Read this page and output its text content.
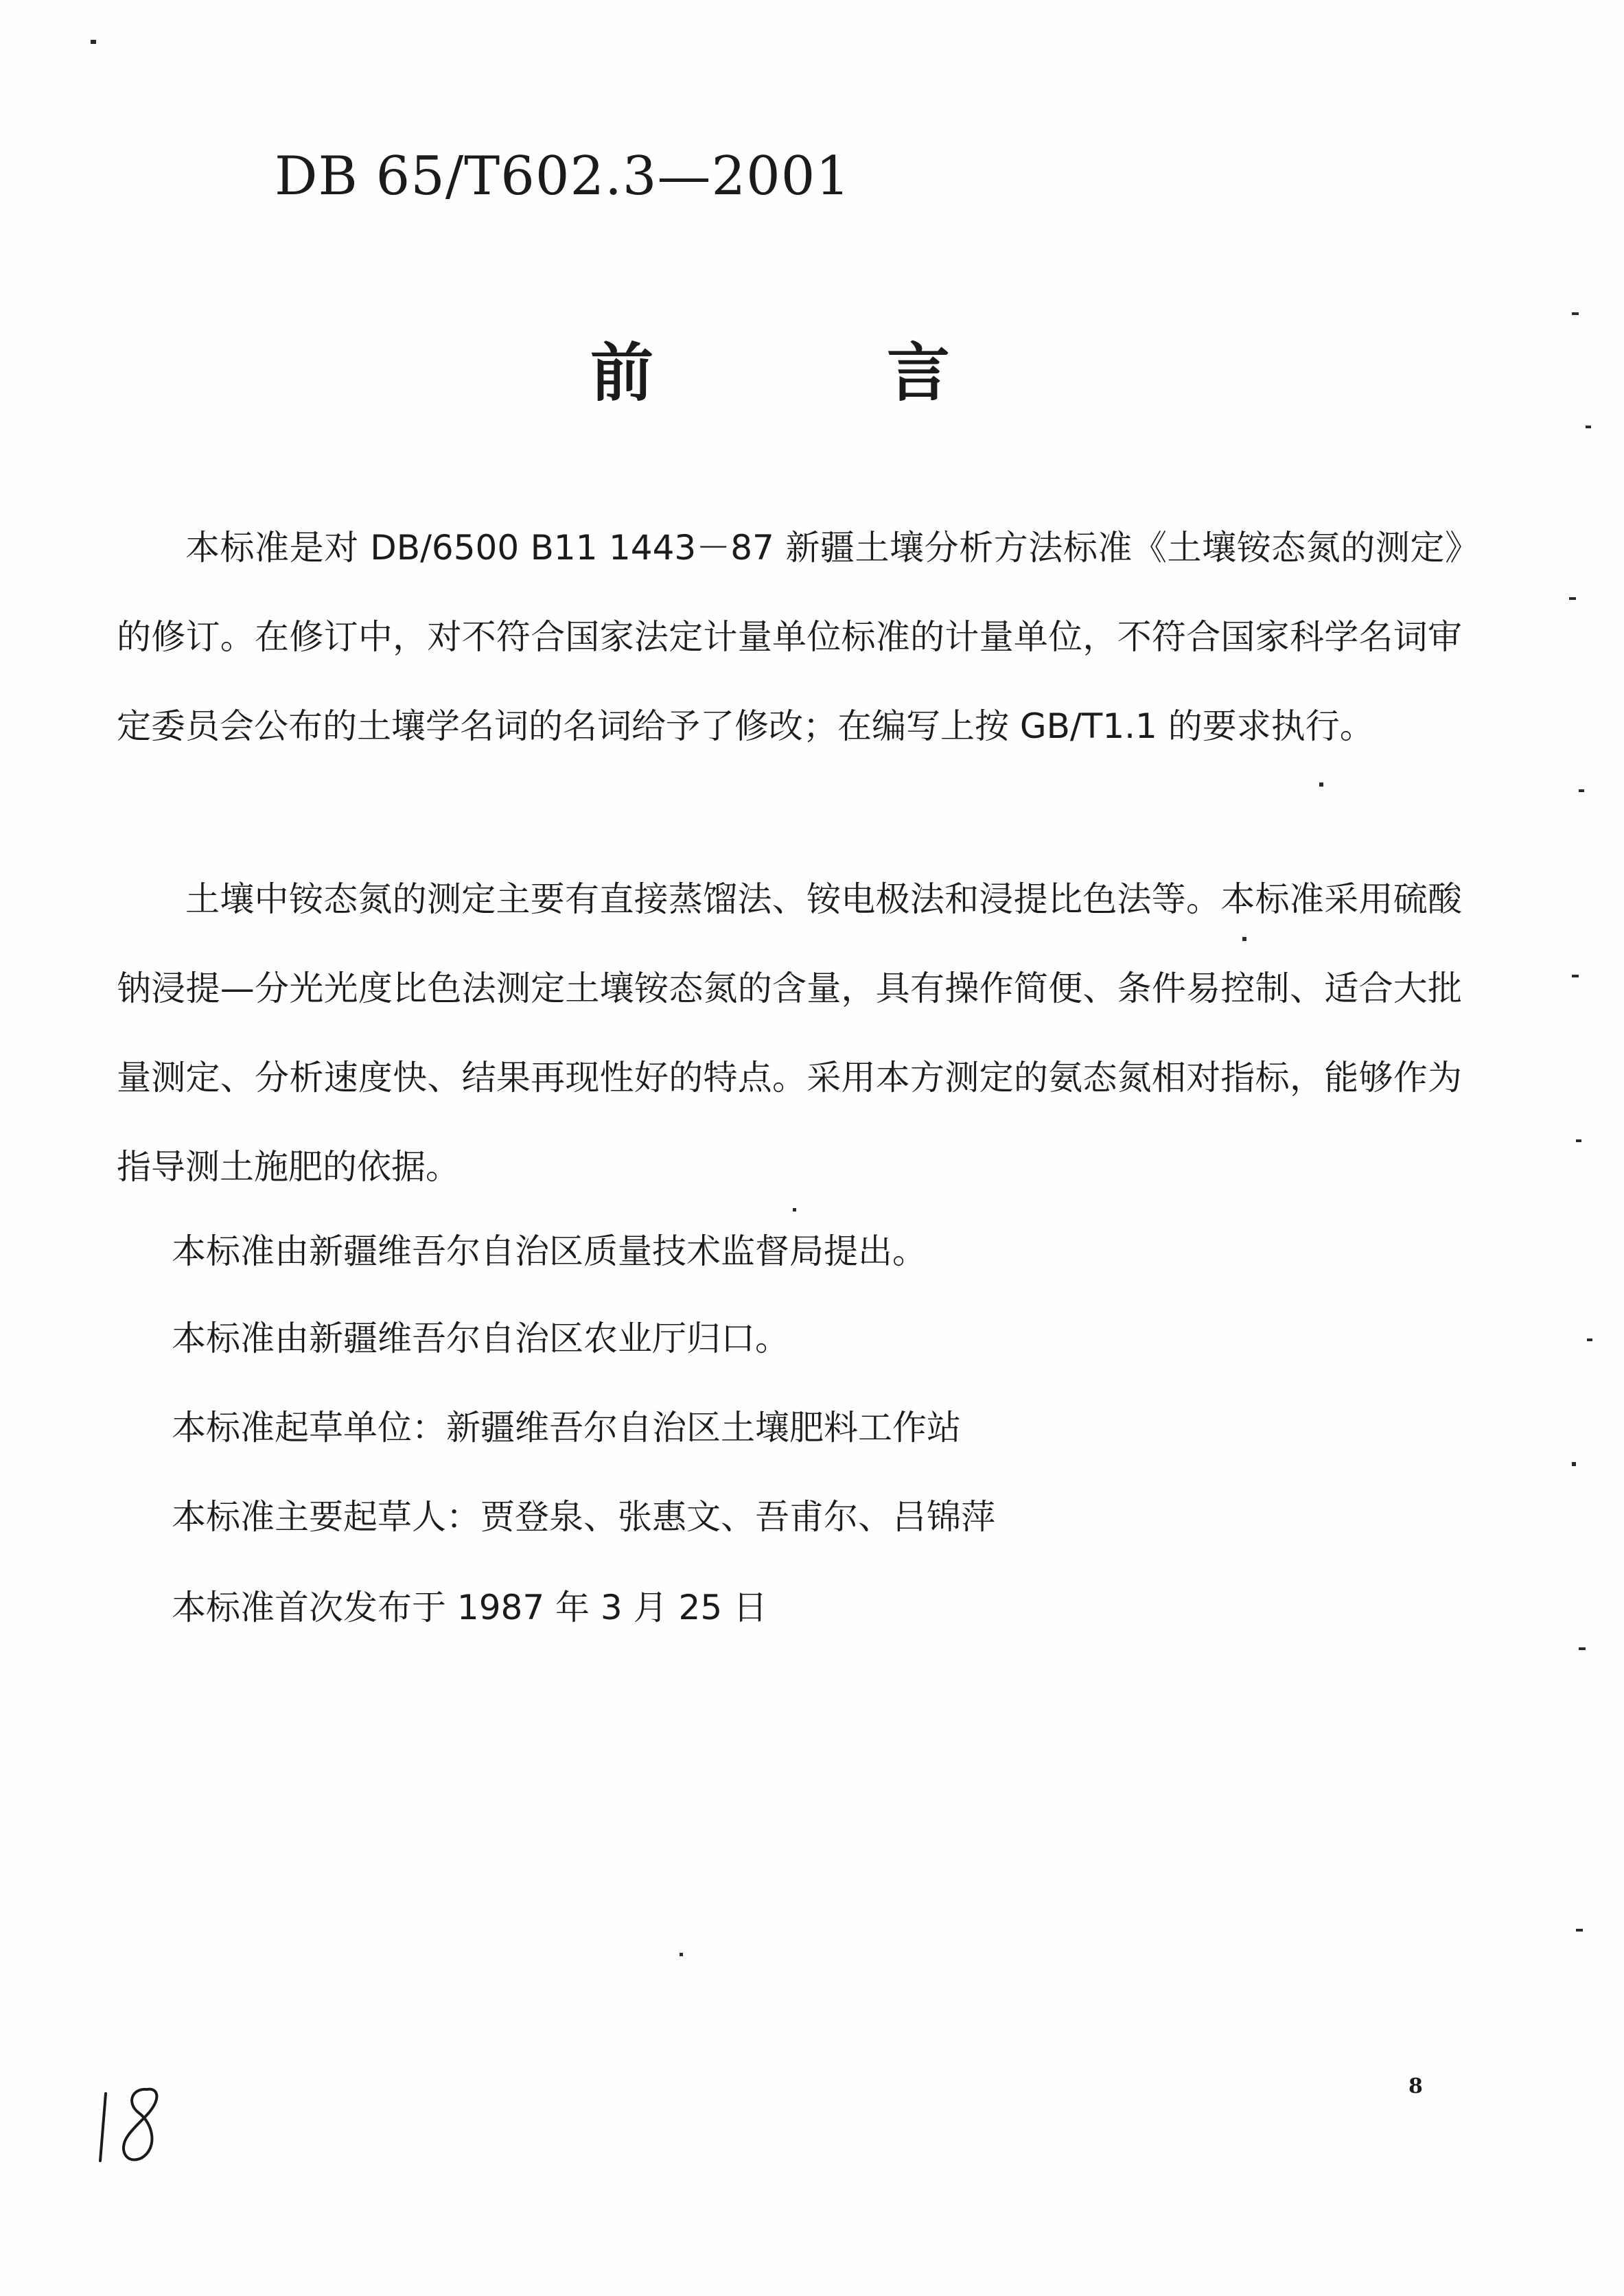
DB 65/T602.3—2001
前言

本标准是对 DB/6500 B11 1443－87 新疆土壤分析方法标准《土壤铵态氮的测定》的修订。在修订中，对不符合国家法定计量单位标准的计量单位，不符合国家科学名词审定委员会公布的土壤学名词的名词给予了修改；在编写上按 GB/T1.1 的要求执行。

土壤中铵态氮的测定主要有直接蒸馏法、铵电极法和浸提比色法等。本标准采用硫酸钠浸提—分光光度比色法测定土壤铵态氮的含量，具有操作简便、条件易控制、适合大批量测定、分析速度快、结果再现性好的特点。采用本方测定的氨态氮相对指标，能够作为指导测土施肥的依据。

本标准由新疆维吾尔自治区质量技术监督局提出。

本标准由新疆维吾尔自治区农业厅归口。

本标准起草单位：新疆维吾尔自治区土壤肥料工作站

本标准主要起草人：贾登泉、张惠文、吾甫尔、吕锦萍

本标准首次发布于 1987 年 3 月 25 日

8
